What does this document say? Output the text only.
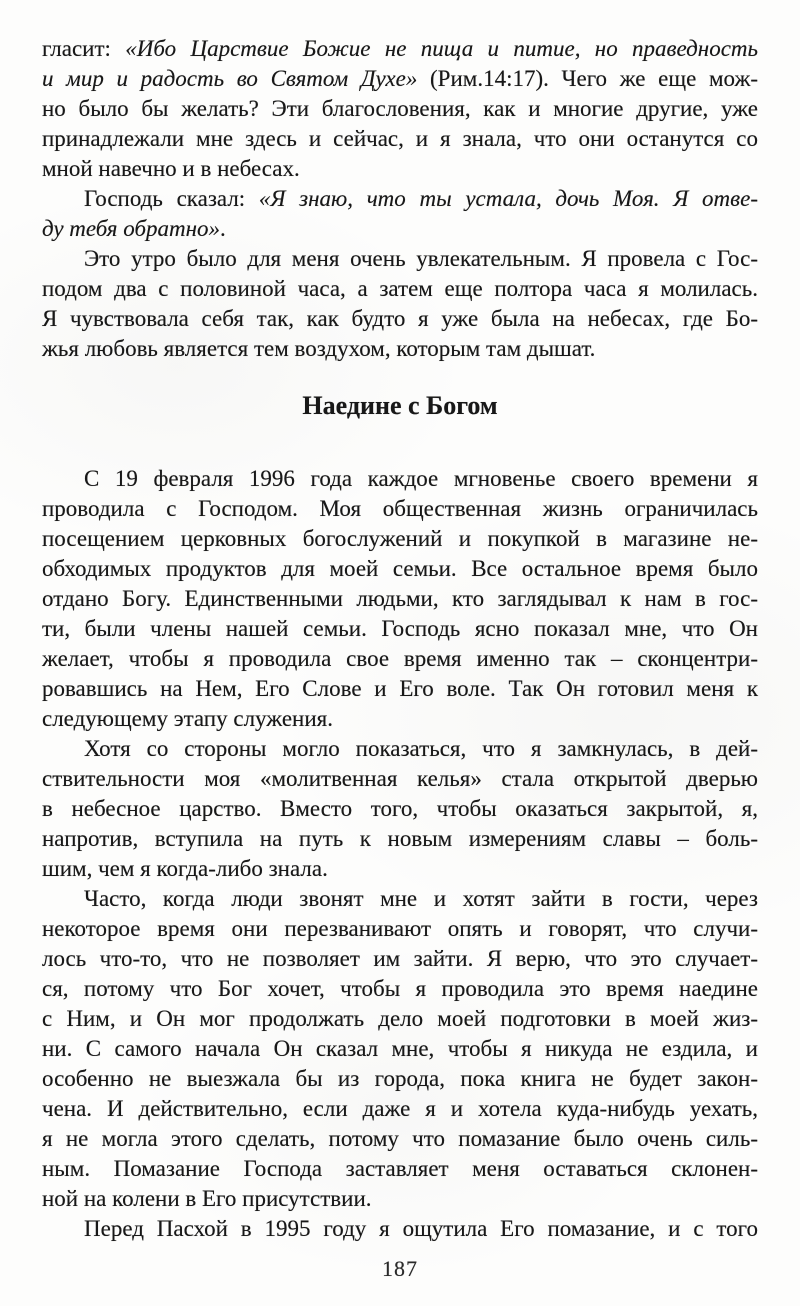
гласит: «Ибо Царствие Божие не пища и питие, но праведность
и мир и радость во Святом Духе» (Рим.14:17). Чего же еще мож-
но было бы желать? Эти благословения, как и многие другие, уже
принадлежали мне здесь и сейчас, и я знала, что они останутся со
мной навечно и в небесах.
Господь сказал: «Я знаю, что ты устала, дочь Моя. Я отве-
ду тебя обратно».
Это утро было для меня очень увлекательным. Я провела с Гос-
подом два с половиной часа, а затем еще полтора часа я молилась.
Я чувствовала себя так, как будто я уже была на небесах, где Бо-
жья любовь является тем воздухом, которым там дышат.
Наедине с Богом
С 19 февраля 1996 года каждое мгновенье своего времени я
проводила с Господом. Моя общественная жизнь ограничилась
посещением церковных богослужений и покупкой в магазине не-
обходимых продуктов для моей семьи. Все остальное время было
отдано Богу. Единственными людьми, кто заглядывал к нам в гос-
ти, были члены нашей семьи. Господь ясно показал мне, что Он
желает, чтобы я проводила свое время именно так – сконцентри-
ровавшись на Нем, Его Слове и Его воле. Так Он готовил меня к
следующему этапу служения.
Хотя со стороны могло показаться, что я замкнулась, в дей-
ствительности моя «молитвенная келья» стала открытой дверью
в небесное царство. Вместо того, чтобы оказаться закрытой, я,
напротив, вступила на путь к новым измерениям славы – боль-
шим, чем я когда-либо знала.
Часто, когда люди звонят мне и хотят зайти в гости, через
некоторое время они перезванивают опять и говорят, что случи-
лось что-то, что не позволяет им зайти. Я верю, что это случает-
ся, потому что Бог хочет, чтобы я проводила это время наедине
с Ним, и Он мог продолжать дело моей подготовки в моей жиз-
ни. С самого начала Он сказал мне, чтобы я никуда не ездила, и
особенно не выезжала бы из города, пока книга не будет закон-
чена. И действительно, если даже я и хотела куда-нибудь уехать,
я не могла этого сделать, потому что помазание было очень силь-
ным. Помазание Господа заставляет меня оставаться склонен-
ной на колени в Его присутствии.
Перед Пасхой в 1995 году я ощутила Его помазание, и с того
187
